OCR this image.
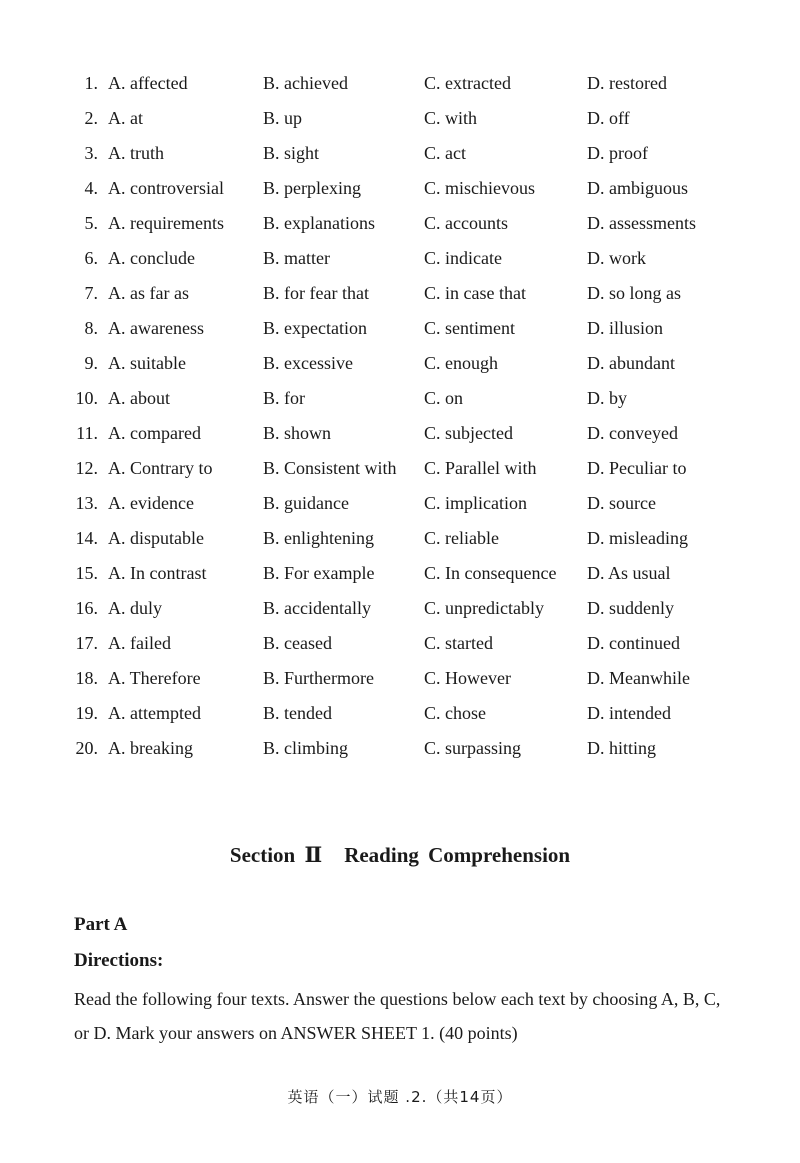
1. A. affected	B. achieved	C. extracted	D. restored
2. A. at	B. up	C. with	D. off
3. A. truth	B. sight	C. act	D. proof
4. A. controversial B. perplexing	C. mischievous	D. ambiguous
5. A. requirements B. explanations	C. accounts	D. assessments
6. A. conclude	B. matter	C. indicate	D. work
7. A. as far as	B. for fear that	C. in case that	D. so long as
8. A. awareness	B. expectation	C. sentiment	D. illusion
9. A. suitable	B. excessive	C. enough	D. abundant
10. A. about	B. for	C. on	D. by
11. A. compared	B. shown	C. subjected	D. conveyed
12. A. Contrary to	B. Consistent with C. Parallel with	D. Peculiar to
13. A. evidence	B. guidance	C. implication	D. source
14. A. disputable	B. enlightening	C. reliable	D. misleading
15. A. In contrast	B. For example	C. In consequence D. As usual
16. A. duly	B. accidentally	C. unpredictably D. suddenly
17. A. failed	B. ceased	C. started	D. continued
18. A. Therefore	B. Furthermore	C. However	D. Meanwhile
19. A. attempted	B. tended	C. chose	D. intended
20. A. breaking	B. climbing	C. surpassing	D. hitting
Section Ⅱ Reading Comprehension
Part A
Directions:
Read the following four texts. Answer the questions below each text by choosing A, B, C, or D. Mark your answers on ANSWER SHEET 1. (40 points)
英语（一）试题 .2.（共14页）
